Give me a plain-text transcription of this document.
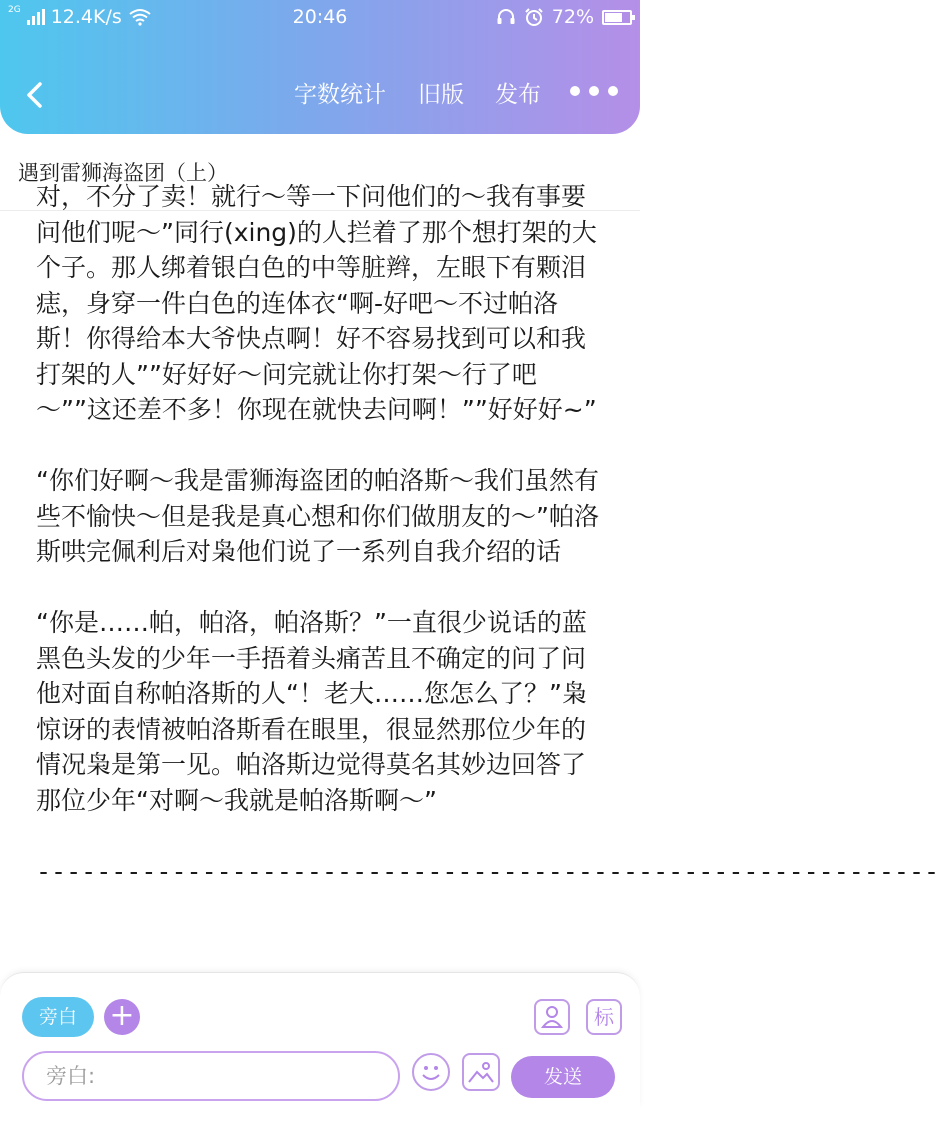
2G 12.4K/s	20:46	72%
字数统计 旧版 发布
遇到雷狮海盗团（上）

对，不分了卖！就行～等一下问他们的～我有事要问他们呢～”同行(xing)的人拦着了那个想打架的大个子。那人绑着银白色的中等脏辫，左眼下有颗泪痣，身穿一件白色的连体衣“啊-好吧～不过帕洛斯！你得给本大爷快点啊！好不容易找到可以和我打架的人””好好好～问完就让你打架～行了吧～””这还差不多！你现在就快去问啊！””好好好~”

“你们好啊～我是雷狮海盗团的帕洛斯～我们虽然有些不愉快～但是我是真心想和你们做朋友的～”帕洛斯哄完佩利后对枭他们说了一系列自我介绍的话

“你是……帕，帕洛，帕洛斯？”一直很少说话的蓝黑色头发的少年一手捂着头痛苦且不确定的问了问他对面自称帕洛斯的人“！老大……您怎么了？”枭惊讶的表情被帕洛斯看在眼里，很显然那位少年的情况枭是第一见。帕洛斯边觉得莫名其妙边回答了那位少年“对啊～我就是帕洛斯啊～”

------------------------------------------------------------
旁白	+	标
旁白:
发送
